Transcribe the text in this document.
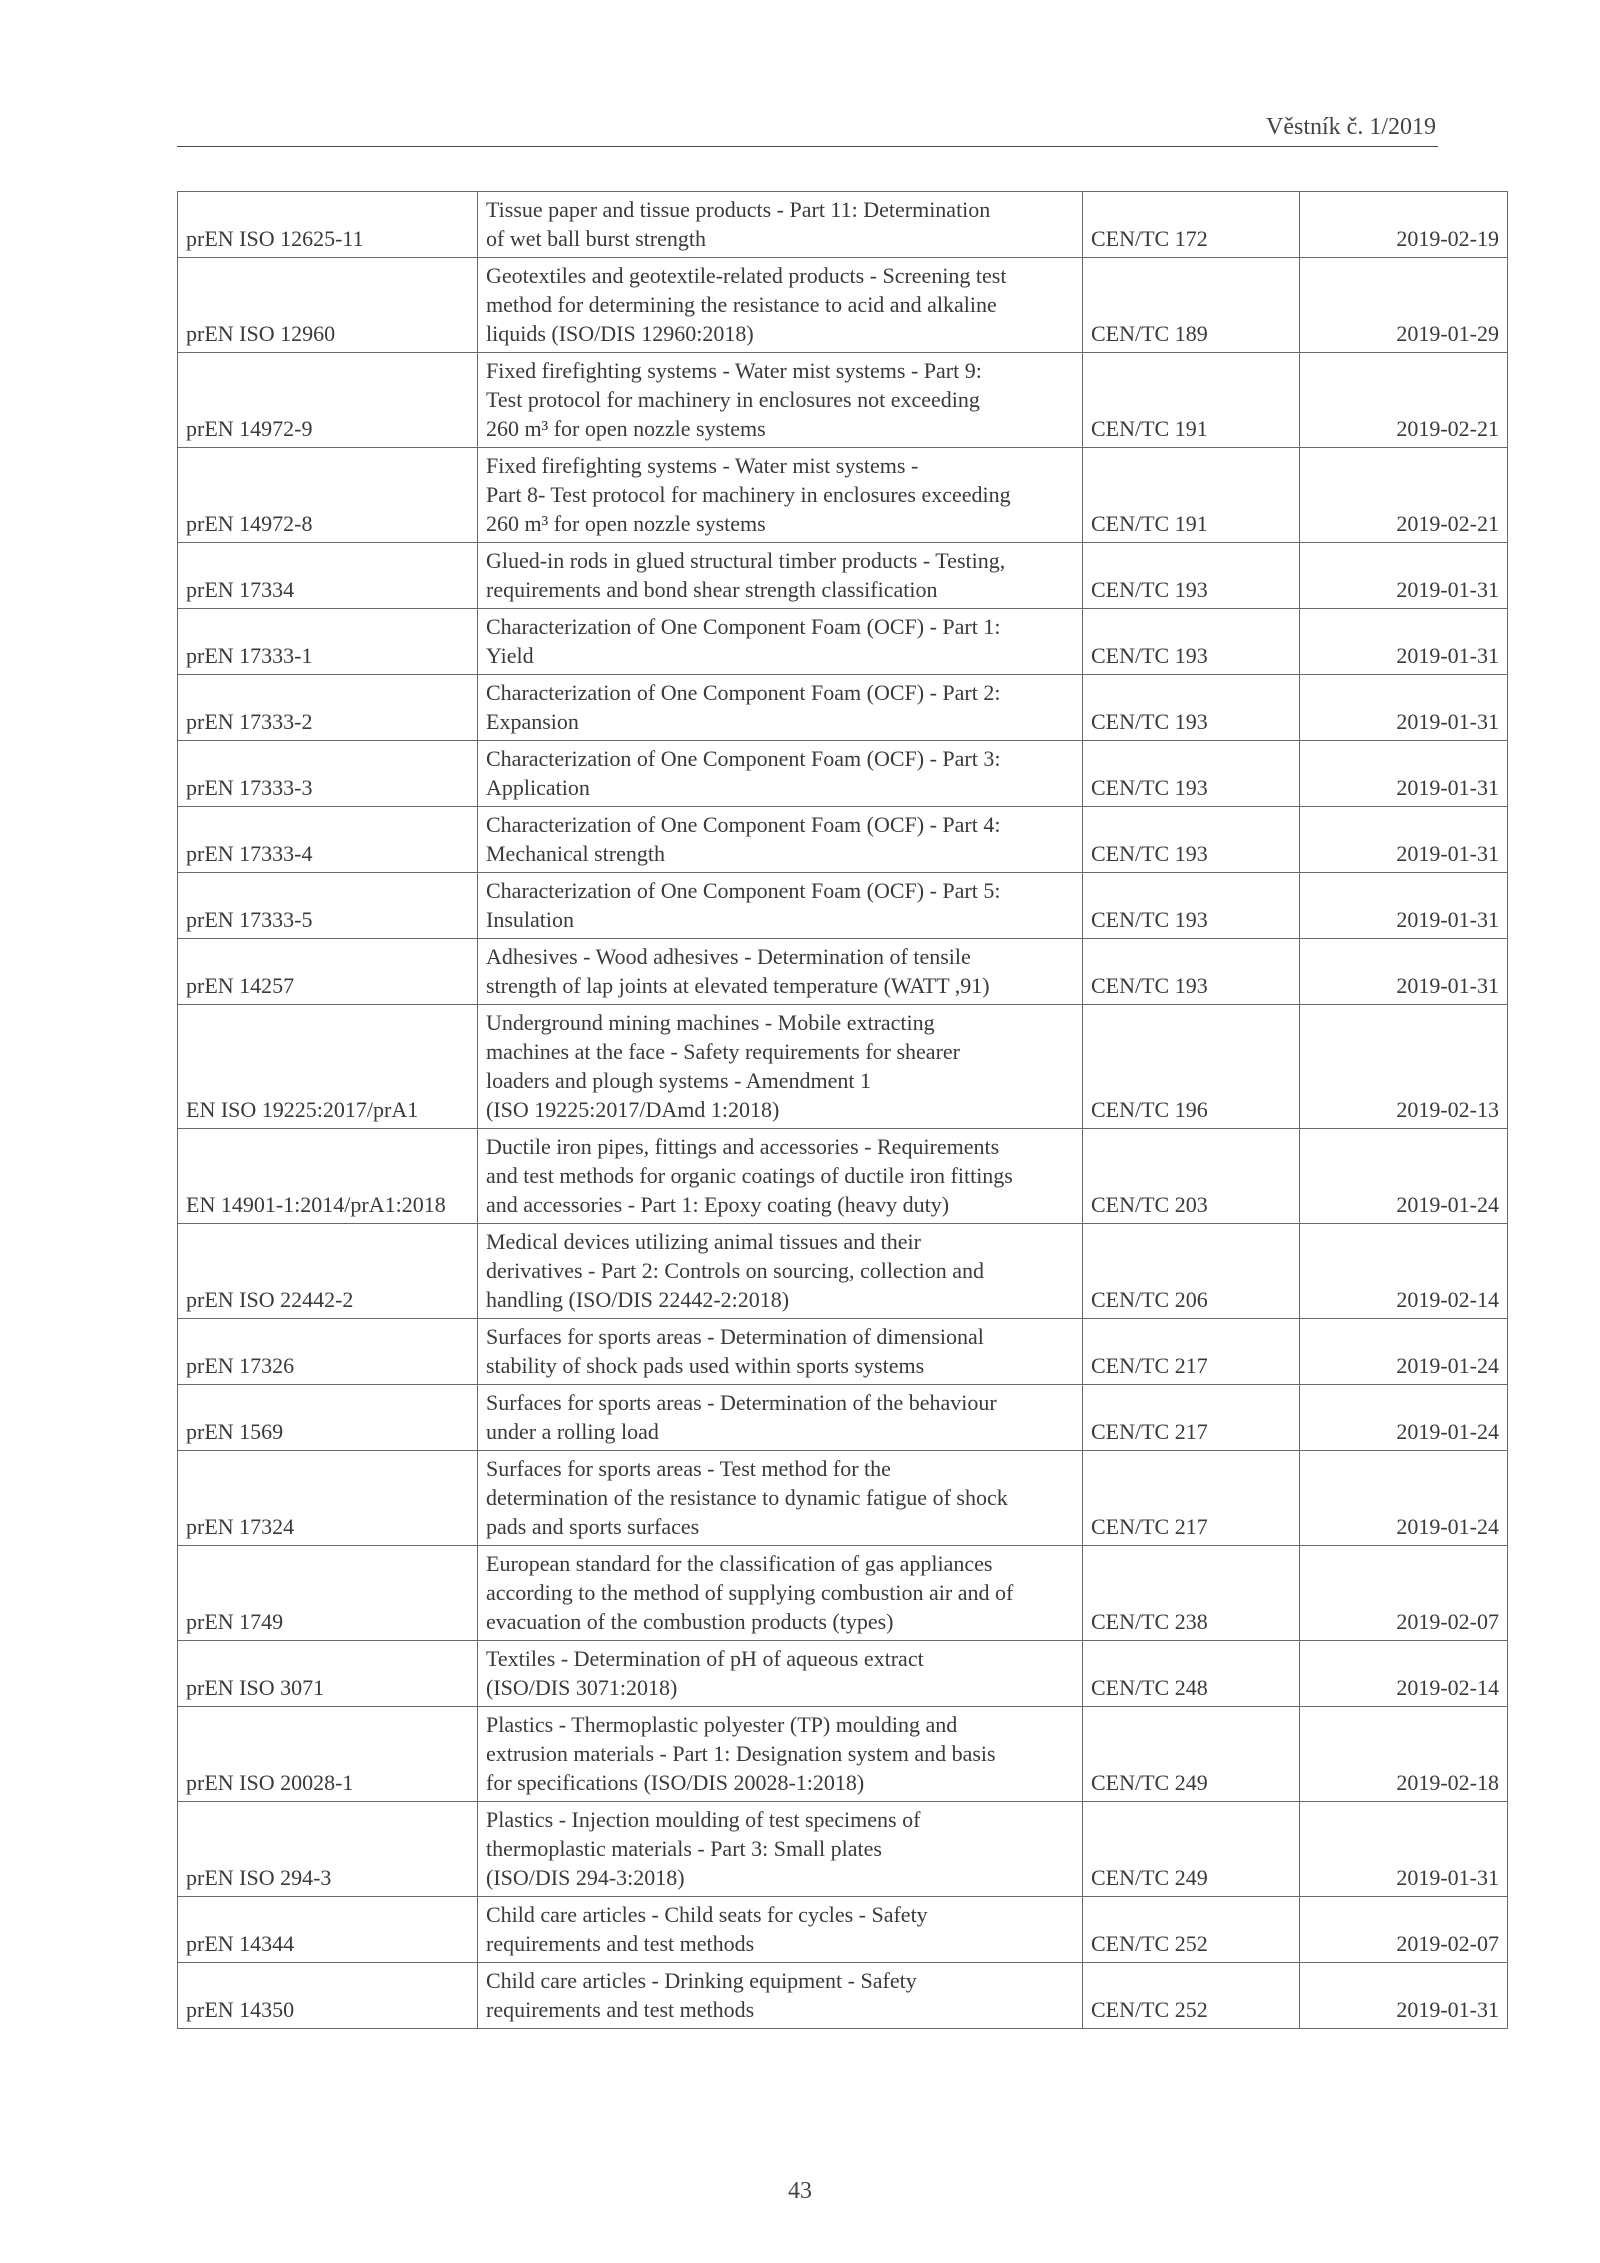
Věstník č. 1/2019
prEN ISO 12625-11	Tissue paper and tissue products - Part 11: Determination
of wet ball burst strength	CEN/TC 172	2019-02-19
prEN ISO 12960	Geotextiles and geotextile-related products - Screening test
method for determining the resistance to acid and alkaline
liquids (ISO/DIS 12960:2018)	CEN/TC 189	2019-01-29
prEN 14972-9	Fixed firefighting systems - Water mist systems - Part 9:
Test protocol for machinery in enclosures not exceeding
260 m³ for open nozzle systems	CEN/TC 191	2019-02-21
prEN 14972-8	Fixed firefighting systems - Water mist systems -
Part 8- Test protocol for machinery in enclosures exceeding
260 m³ for open nozzle systems	CEN/TC 191	2019-02-21
prEN 17334	Glued-in rods in glued structural timber products - Testing,
requirements and bond shear strength classification	CEN/TC 193	2019-01-31
prEN 17333-1	Characterization of One Component Foam (OCF) - Part 1:
Yield	CEN/TC 193	2019-01-31
prEN 17333-2	Characterization of One Component Foam (OCF) - Part 2:
Expansion	CEN/TC 193	2019-01-31
prEN 17333-3	Characterization of One Component Foam (OCF) - Part 3:
Application	CEN/TC 193	2019-01-31
prEN 17333-4	Characterization of One Component Foam (OCF) - Part 4:
Mechanical strength	CEN/TC 193	2019-01-31
prEN 17333-5	Characterization of One Component Foam (OCF) - Part 5:
Insulation	CEN/TC 193	2019-01-31
prEN 14257	Adhesives - Wood adhesives - Determination of tensile
strength of lap joints at elevated temperature (WATT ,91)	CEN/TC 193	2019-01-31
EN ISO 19225:2017/prA1	Underground mining machines - Mobile extracting
machines at the face - Safety requirements for shearer
loaders and plough systems - Amendment 1
(ISO 19225:2017/DAmd 1:2018)	CEN/TC 196	2019-02-13
EN 14901-1:2014/prA1:2018	Ductile iron pipes, fittings and accessories - Requirements
and test methods for organic coatings of ductile iron fittings
and accessories - Part 1: Epoxy coating (heavy duty)	CEN/TC 203	2019-01-24
prEN ISO 22442-2	Medical devices utilizing animal tissues and their
derivatives - Part 2: Controls on sourcing, collection and
handling (ISO/DIS 22442-2:2018)	CEN/TC 206	2019-02-14
prEN 17326	Surfaces for sports areas - Determination of dimensional
stability of shock pads used within sports systems	CEN/TC 217	2019-01-24
prEN 1569	Surfaces for sports areas - Determination of the behaviour
under a rolling load	CEN/TC 217	2019-01-24
prEN 17324	Surfaces for sports areas - Test method for the
determination of the resistance to dynamic fatigue of shock
pads and sports surfaces	CEN/TC 217	2019-01-24
prEN 1749	European standard for the classification of gas appliances
according to the method of supplying combustion air and of
evacuation of the combustion products (types)	CEN/TC 238	2019-02-07
prEN ISO 3071	Textiles - Determination of pH of aqueous extract
(ISO/DIS 3071:2018)	CEN/TC 248	2019-02-14
prEN ISO 20028-1	Plastics - Thermoplastic polyester (TP) moulding and
extrusion materials - Part 1: Designation system and basis
for specifications (ISO/DIS 20028-1:2018)	CEN/TC 249	2019-02-18
prEN ISO 294-3	Plastics - Injection moulding of test specimens of
thermoplastic materials - Part 3: Small plates
(ISO/DIS 294-3:2018)	CEN/TC 249	2019-01-31
prEN 14344	Child care articles - Child seats for cycles - Safety
requirements and test methods	CEN/TC 252	2019-02-07
prEN 14350	Child care articles - Drinking equipment - Safety
requirements and test methods	CEN/TC 252	2019-01-31
43
